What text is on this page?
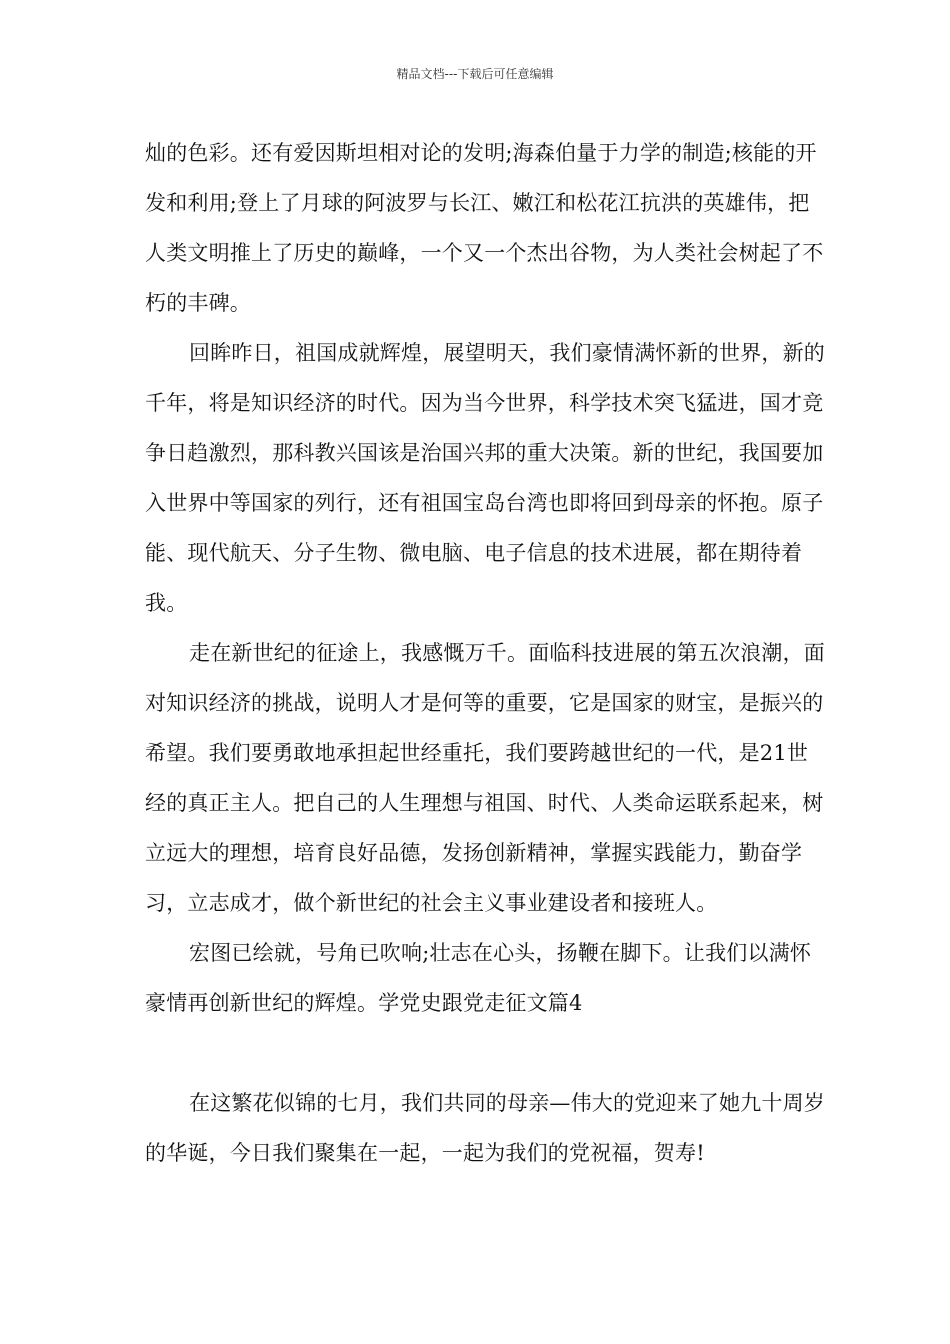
精品文档---下载后可任意编辑

灿的色彩。还有爱因斯坦相对论的发明;海森伯量于力学的制造;核能的开发和利用;登上了月球的阿波罗与长江、嫩江和松花江抗洪的英雄伟，把人类文明推上了历史的巅峰，一个又一个杰出谷物，为人类社会树起了不朽的丰碑。

回眸昨日，祖国成就辉煌，展望明天，我们豪情满怀新的世界，新的千年，将是知识经济的时代。因为当今世界，科学技术突飞猛进，国才竞争日趋激烈，那科教兴国该是治国兴邦的重大决策。新的世纪，我国要加入世界中等国家的列行，还有祖国宝岛台湾也即将回到母亲的怀抱。原子能、现代航天、分子生物、微电脑、电子信息的技术进展，都在期待着我。

走在新世纪的征途上，我感慨万千。面临科技进展的第五次浪潮，面对知识经济的挑战，说明人才是何等的重要，它是国家的财宝，是振兴的希望。我们要勇敢地承担起世经重托，我们要跨越世纪的一代，是21世经的真正主人。把自己的人生理想与祖国、时代、人类命运联系起来，树立远大的理想，培育良好品德，发扬创新精神，掌握实践能力，勤奋学习，立志成才，做个新世纪的社会主义事业建设者和接班人。

宏图已绘就，号角已吹响;壮志在心头，扬鞭在脚下。让我们以满怀豪情再创新世纪的辉煌。学党史跟党走征文篇4

在这繁花似锦的七月，我们共同的母亲—伟大的党迎来了她九十周岁的华诞，今日我们聚集在一起，一起为我们的党祝福，贺寿!
